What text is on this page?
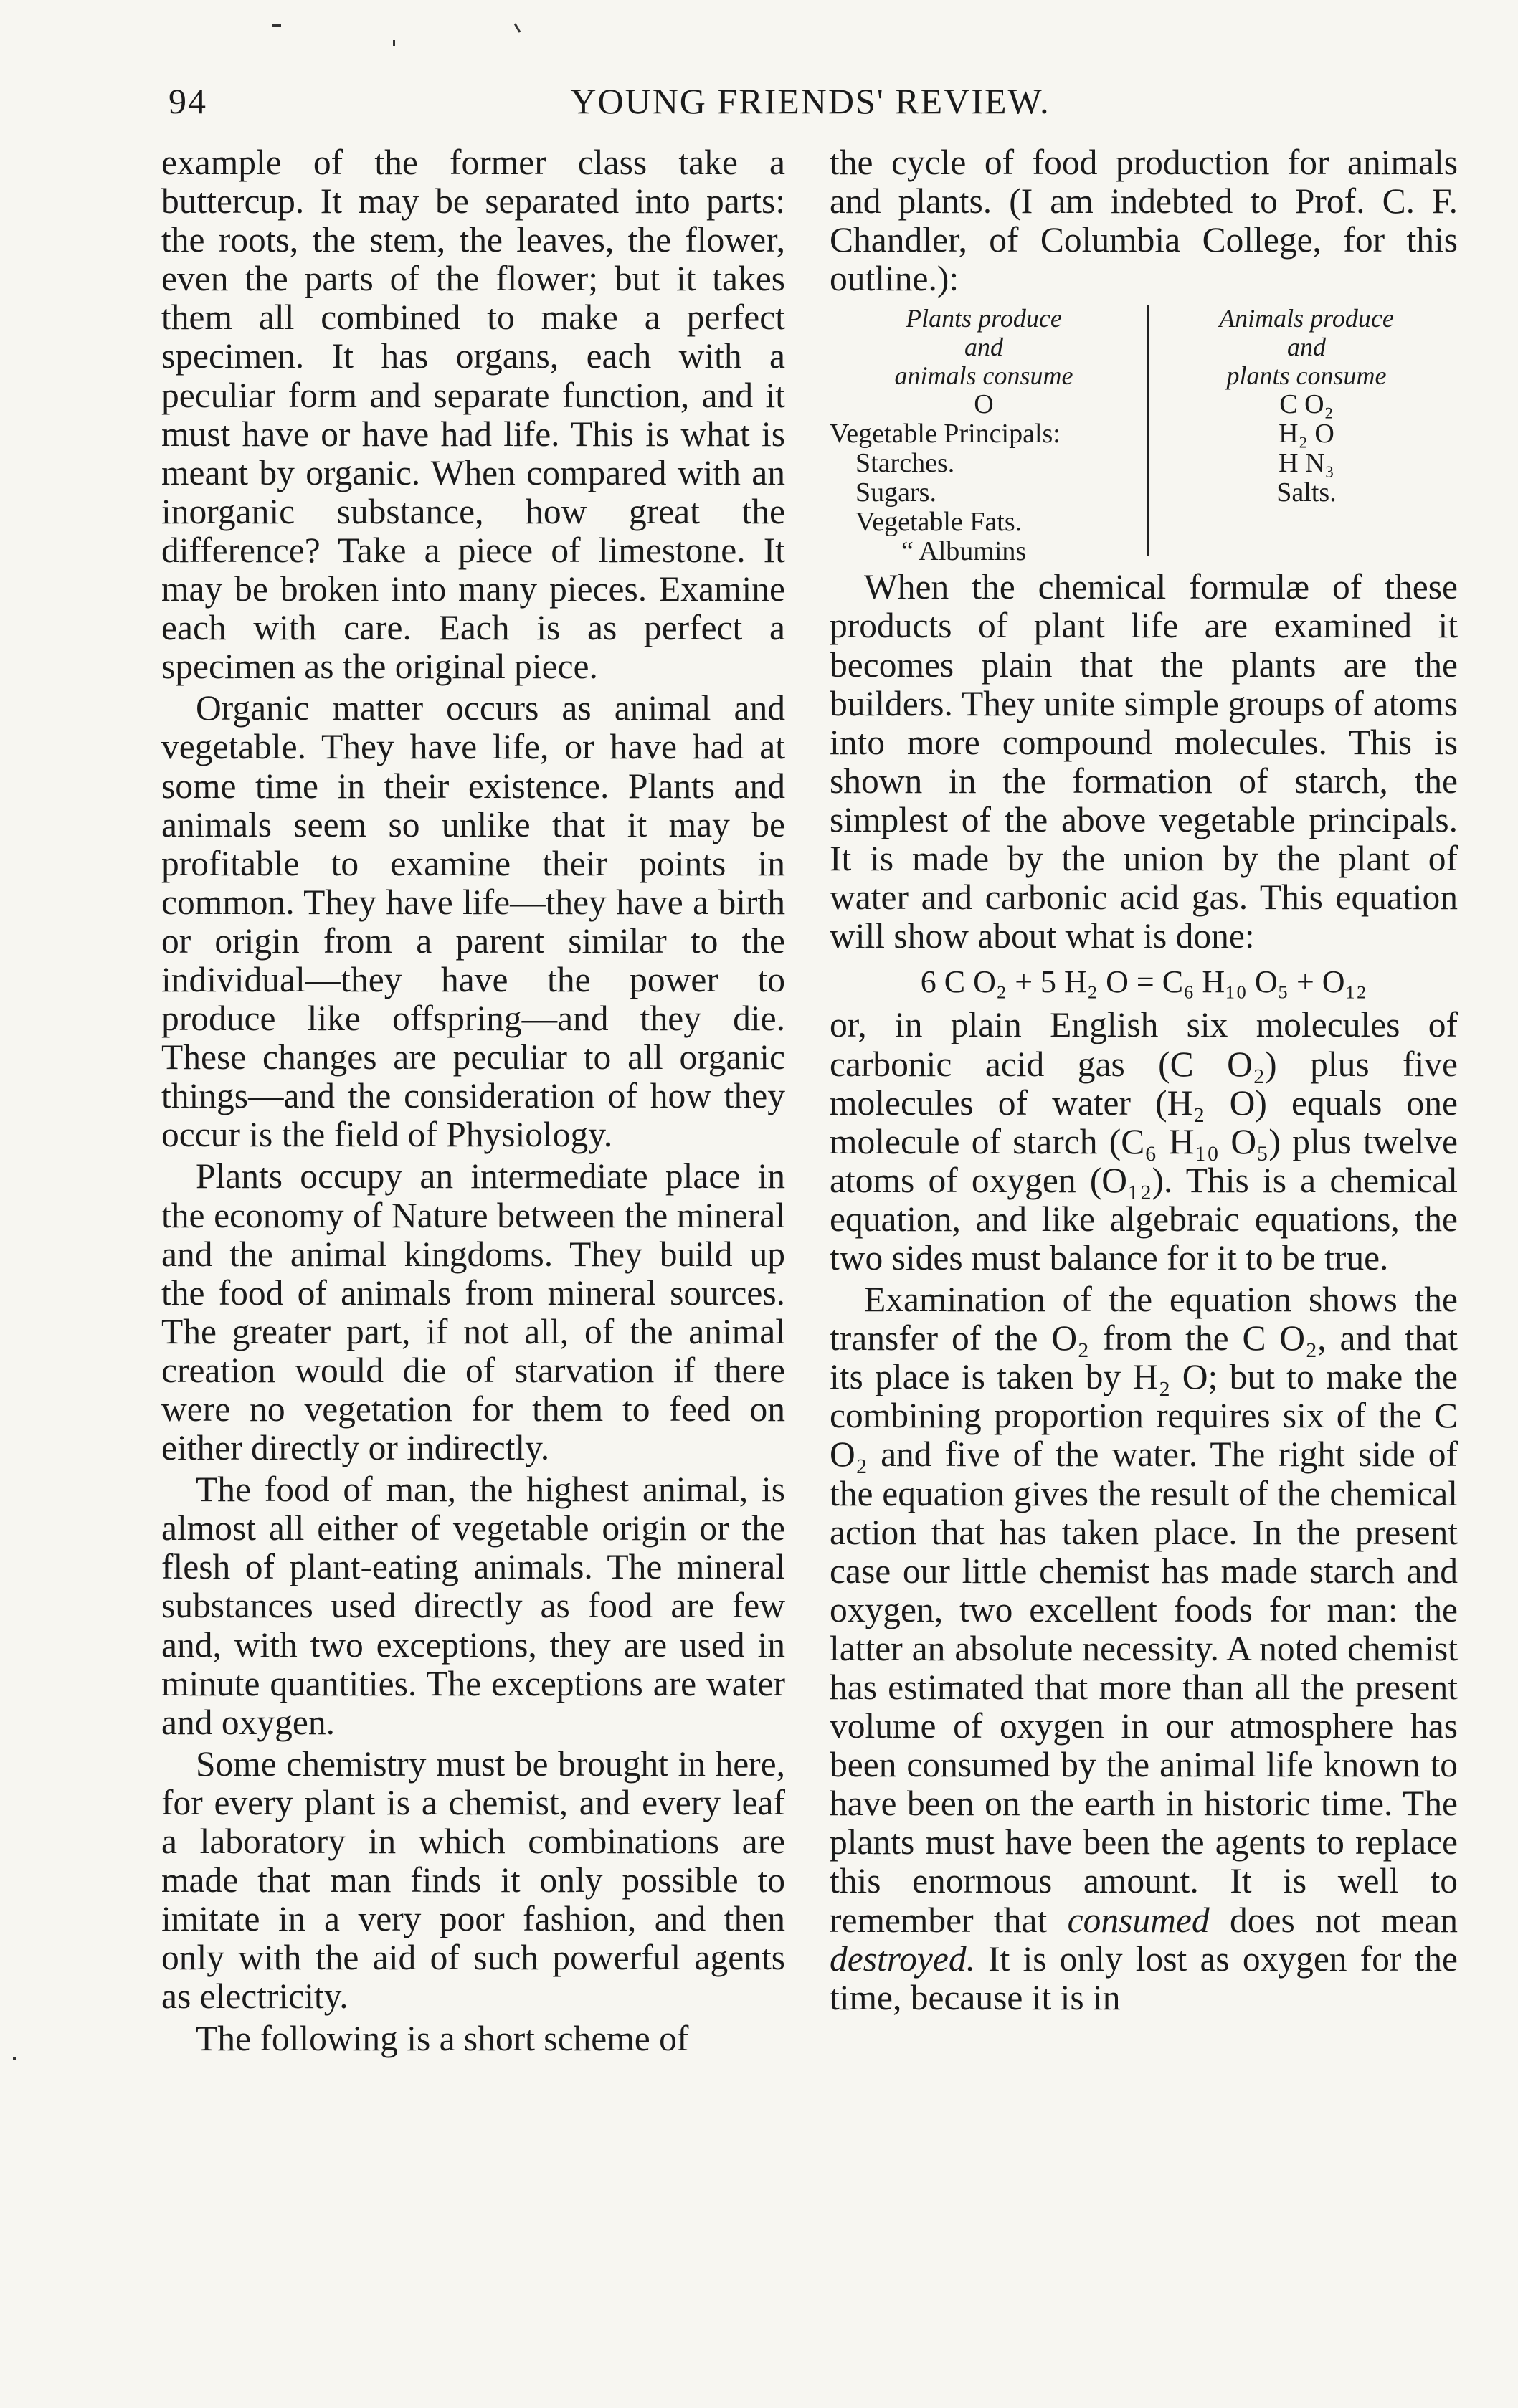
94	YOUNG FRIENDS' REVIEW.

example of the former class take a buttercup. It may be separated into parts: the roots, the stem, the leaves, the flower, even the parts of the flower; but it takes them all combined to make a perfect specimen. It has organs, each with a peculiar form and separate function, and it must have or have had life. This is what is meant by organic. When compared with an inorganic substance, how great the difference? Take a piece of limestone. It may be broken into many pieces. Examine each with care. Each is as perfect a specimen as the original piece.

Organic matter occurs as animal and vegetable. They have life, or have had at some time in their existence. Plants and animals seem so unlike that it may be profitable to examine their points in common. They have life—they have a birth or origin from a parent similar to the individual—they have the power to produce like offspring—and they die. These changes are peculiar to all organic things—and the consideration of how they occur is the field of Physiology.

Plants occupy an intermediate place in the economy of Nature between the mineral and the animal kingdoms. They build up the food of animals from mineral sources. The greater part, if not all, of the animal creation would die of starvation if there were no vegetation for them to feed on either directly or indirectly.

The food of man, the highest animal, is almost all either of vegetable origin or the flesh of plant-eating animals. The mineral substances used directly as food are few and, with two exceptions, they are used in minute quantities. The exceptions are water and oxygen.

Some chemistry must be brought in here, for every plant is a chemist, and every leaf a laboratory in which combinations are made that man finds it only possible to imitate in a very poor fashion, and then only with the aid of such powerful agents as electricity.

The following is a short scheme of

the cycle of food production for animals and plants. (I am indebted to Prof. C. F. Chandler, of Columbia College, for this outline.):

Plants produce
and
animals consume
O
Vegetable Principals:
Starches.
Sugars.
Vegetable Fats.
“ Albumins
Animals produce
and
plants consume
C O₂
H₂ O
H N₃
Salts.

When the chemical formulæ of these products of plant life are examined it becomes plain that the plants are the builders. They unite simple groups of atoms into more compound molecules. This is shown in the formation of starch, the simplest of the above vegetable principals. It is made by the union by the plant of water and carbonic acid gas. This equation will show about what is done:

6 C O₂ + 5 H₂ O = C₆ H₁₀ O₅ + O₁₂

or, in plain English six molecules of carbonic acid gas (C O₂) plus five molecules of water (H₂ O) equals one molecule of starch (C₆ H₁₀ O₅) plus twelve atoms of oxygen (O₁₂). This is a chemical equation, and like algebraic equations, the two sides must balance for it to be true.

Examination of the equation shows the transfer of the O₂ from the C O₂, and that its place is taken by H₂ O; but to make the combining proportion requires six of the C O₂ and five of the water. The right side of the equation gives the result of the chemical action that has taken place. In the present case our little chemist has made starch and oxygen, two excellent foods for man: the latter an absolute necessity. A noted chemist has estimated that more than all the present volume of oxygen in our atmosphere has been consumed by the animal life known to have been on the earth in historic time. The plants must have been the agents to replace this enormous amount. It is well to remember that consumed does not mean destroyed. It is only lost as oxygen for the time, because it is in
